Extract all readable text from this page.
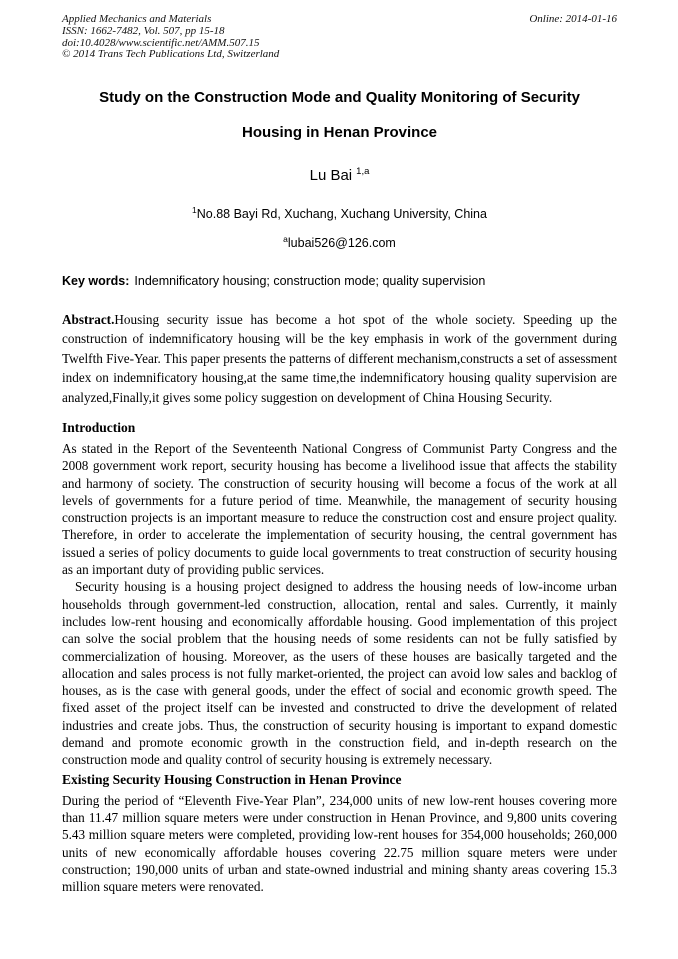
Applied Mechanics and Materials
ISSN: 1662-7482, Vol. 507, pp 15-18
doi:10.4028/www.scientific.net/AMM.507.15
© 2014 Trans Tech Publications Ltd, Switzerland
Online: 2014-01-16
Study on the Construction Mode and Quality Monitoring of Security
Housing in Henan Province
Lu Bai $^{1,a}$
$^1$No.88 Bayi Rd, Xuchang, Xuchang University, China
$^a$lubai526@126.com
Key words: Indemnificatory housing; construction mode; quality supervision

Abstract.Housing security issue has become a hot spot of the whole society. Speeding up the construction of indemnificatory housing will be the key emphasis in work of the government during Twelfth Five-Year. This paper presents the patterns of different mechanism,constructs a set of assessment index on indemnificatory housing,at the same time,the indemnificatory housing quality supervision are analyzed,Finally,it gives some policy suggestion on development of China Housing Security.

Introduction

As stated in the Report of the Seventeenth National Congress of Communist Party Congress and the 2008 government work report, security housing has become a livelihood issue that affects the stability and harmony of society. The construction of security housing will become a focus of the work at all levels of governments for a future period of time. Meanwhile, the management of security housing construction projects is an important measure to reduce the construction cost and ensure project quality. Therefore, in order to accelerate the implementation of security housing, the central government has issued a series of policy documents to guide local governments to treat construction of security housing as an important duty of providing public services.

Security housing is a housing project designed to address the housing needs of low-income urban households through government-led construction, allocation, rental and sales. Currently, it mainly includes low-rent housing and economically affordable housing. Good implementation of this project can solve the social problem that the housing needs of some residents can not be fully satisfied by commercialization of housing. Moreover, as the users of these houses are basically targeted and the allocation and sales process is not fully market-oriented, the project can avoid low sales and backlog of houses, as is the case with general goods, under the effect of social and economic growth speed. The fixed asset of the project itself can be invested and constructed to drive the development of related industries and create jobs. Thus, the construction of security housing is important to expand domestic demand and promote economic growth in the construction field, and in-depth research on the construction mode and quality control of security housing is extremely necessary.

Existing Security Housing Construction in Henan Province

During the period of “Eleventh Five-Year Plan”, 234,000 units of new low-rent houses covering more than 11.47 million square meters were under construction in Henan Province, and 9,800 units covering 5.43 million square meters were completed, providing low-rent houses for 354,000 households; 260,000 units of new economically affordable houses covering 22.75 million square meters were under construction; 190,000 units of urban and state-owned industrial and mining shanty areas covering 15.3 million square meters were renovated.
